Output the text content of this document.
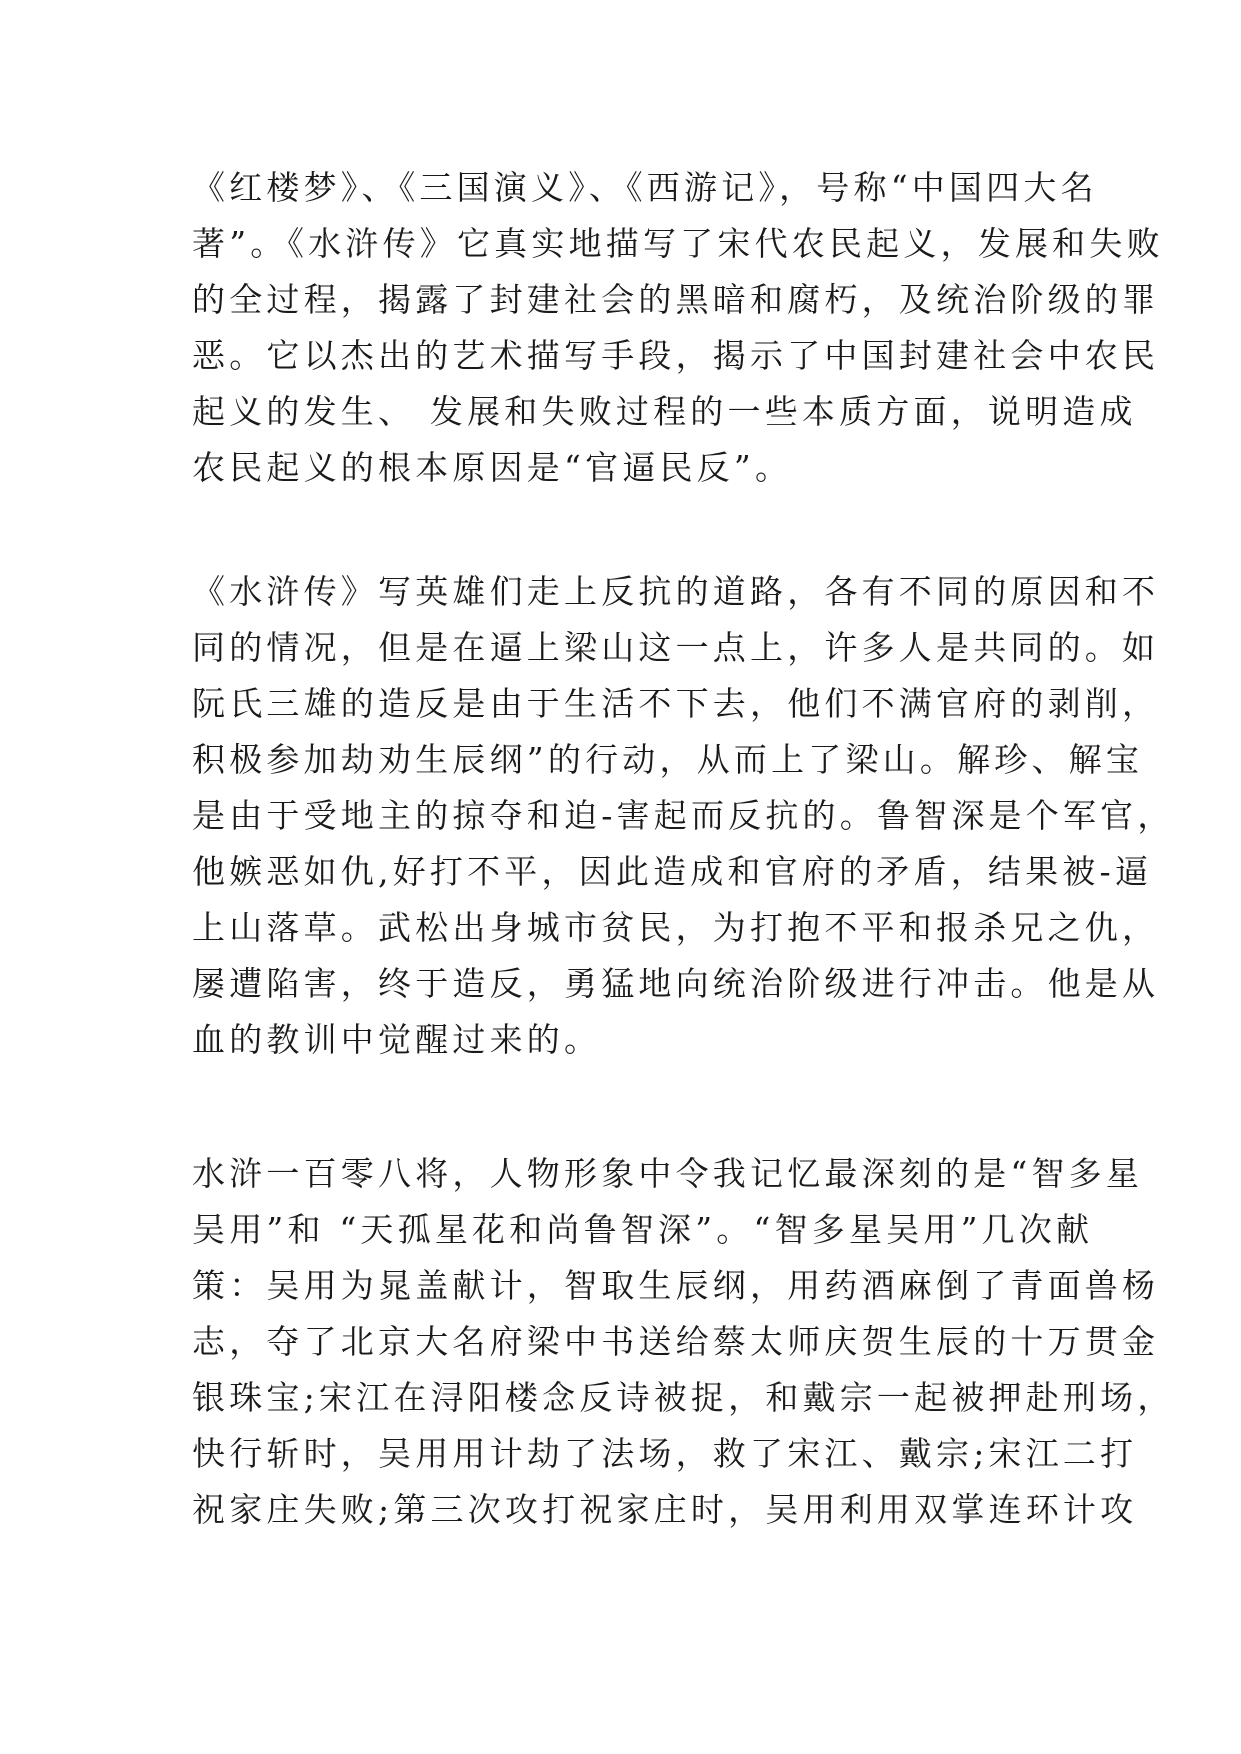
《红楼梦》、《三国演义》、《西游记》，号称“中国四大名
著”。《水浒传》它真实地描写了宋代农民起义，发展和失败
的全过程，揭露了封建社会的黑暗和腐朽，及统治阶级的罪
恶。它以杰出的艺术描写手段，揭示了中国封建社会中农民
起义的发生、 发展和失败过程的一些本质方面，说明造成
农民起义的根本原因是“官逼民反”。
《水浒传》写英雄们走上反抗的道路，各有不同的原因和不
同的情况，但是在逼上梁山这一点上，许多人是共同的。如
阮氏三雄的造反是由于生活不下去，他们不满官府的剥削，
积极参加劫劝生辰纲”的行动，从而上了梁山。解珍、解宝
是由于受地主的掠夺和迫-害起而反抗的。鲁智深是个军官，
他嫉恶如仇,好打不平，因此造成和官府的矛盾，结果被-逼
上山落草。武松出身城市贫民，为打抱不平和报杀兄之仇，
屡遭陷害，终于造反，勇猛地向统治阶级进行冲击。他是从
血的教训中觉醒过来的。
水浒一百零八将，人物形象中令我记忆最深刻的是“智多星
吴用”和 “天孤星花和尚鲁智深”。“智多星吴用”几次献
策：吴用为晁盖献计，智取生辰纲，用药酒麻倒了青面兽杨
志，夺了北京大名府梁中书送给蔡太师庆贺生辰的十万贯金
银珠宝;宋江在浔阳楼念反诗被捉，和戴宗一起被押赴刑场，
快行斩时，吴用用计劫了法场，救了宋江、戴宗;宋江二打
祝家庄失败;第三次攻打祝家庄时，吴用利用双掌连环计攻
